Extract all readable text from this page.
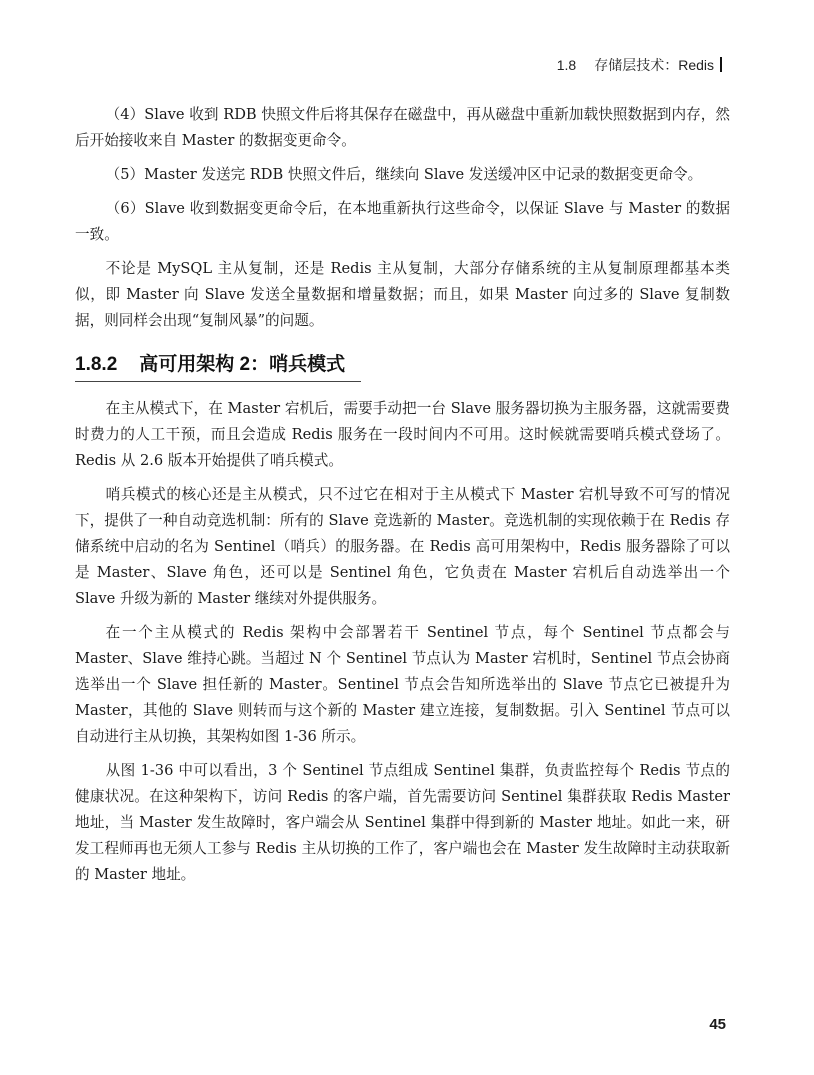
1.8 存储层技术：Redis

（4）Slave 收到 RDB 快照文件后将其保存在磁盘中，再从磁盘中重新加载快照数据到内存，然后开始接收来自 Master 的数据变更命令。

（5）Master 发送完 RDB 快照文件后，继续向 Slave 发送缓冲区中记录的数据变更命令。

（6）Slave 收到数据变更命令后，在本地重新执行这些命令，以保证 Slave 与 Master 的数据一致。

不论是 MySQL 主从复制，还是 Redis 主从复制，大部分存储系统的主从复制原理都基本类似，即 Master 向 Slave 发送全量数据和增量数据；而且，如果 Master 向过多的 Slave 复制数据，则同样会出现“复制风暴”的问题。

1.8.2 高可用架构 2：哨兵模式

在主从模式下，在 Master 宕机后，需要手动把一台 Slave 服务器切换为主服务器，这就需要费时费力的人工干预，而且会造成 Redis 服务在一段时间内不可用。这时候就需要哨兵模式登场了。Redis 从 2.6 版本开始提供了哨兵模式。

哨兵模式的核心还是主从模式，只不过它在相对于主从模式下 Master 宕机导致不可写的情况下，提供了一种自动竞选机制：所有的 Slave 竞选新的 Master。竞选机制的实现依赖于在 Redis 存储系统中启动的名为 Sentinel（哨兵）的服务器。在 Redis 高可用架构中，Redis 服务器除了可以是 Master、Slave 角色，还可以是 Sentinel 角色，它负责在 Master 宕机后自动选举出一个 Slave 升级为新的 Master 继续对外提供服务。

在一个主从模式的 Redis 架构中会部署若干 Sentinel 节点，每个 Sentinel 节点都会与 Master、Slave 维持心跳。当超过 N 个 Sentinel 节点认为 Master 宕机时，Sentinel 节点会协商选举出一个 Slave 担任新的 Master。Sentinel 节点会告知所选举出的 Slave 节点它已被提升为 Master，其他的 Slave 则转而与这个新的 Master 建立连接，复制数据。引入 Sentinel 节点可以自动进行主从切换，其架构如图 1-36 所示。

从图 1-36 中可以看出，3 个 Sentinel 节点组成 Sentinel 集群，负责监控每个 Redis 节点的健康状况。在这种架构下，访问 Redis 的客户端，首先需要访问 Sentinel 集群获取 Redis Master 地址，当 Master 发生故障时，客户端会从 Sentinel 集群中得到新的 Master 地址。如此一来，研发工程师再也无须人工参与 Redis 主从切换的工作了，客户端也会在 Master 发生故障时主动获取新的 Master 地址。

45
